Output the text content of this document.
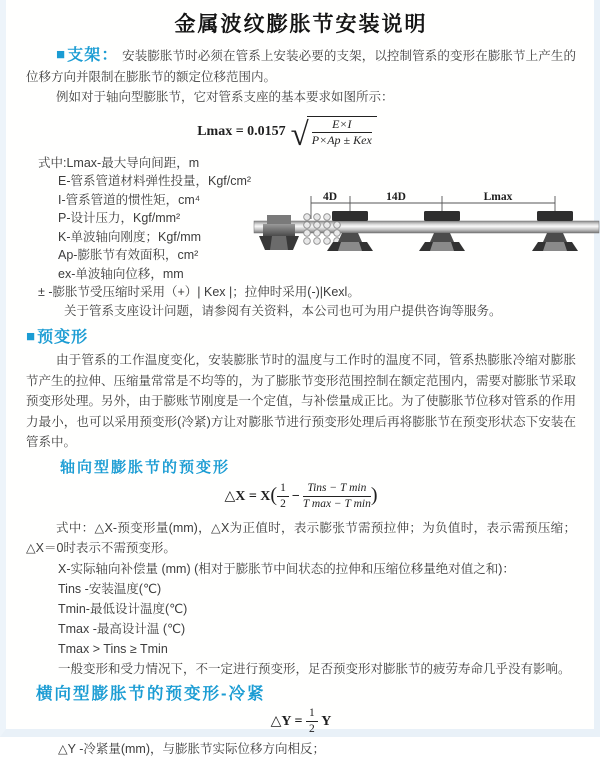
金属波纹膨胀节安装说明
■支架： 安装膨胀节时必须在管系上安装必要的支架，以控制管系的变形在膨胀节上产生的位移方向并限制在膨胀节的额定位移范围内。
例如对于轴向型膨胀节，它对管系支座的基本要求如图所示：
Lmax = 0.0157 √ $\frac{E\times I}{\text{P×Ap ± Kex}}$
式中:Lmax-最大导向间距，m
E-管系管道材料弹性投量，Kgf/cm²
I-管系管道的惯性矩，cm⁴
P-设计压力，Kgf/mm²
K-单波轴向刚度；Kgf/mm
Ap-膨胀节有效面积，cm²
ex-单波轴向位移，mm
± -膨胀节受压缩时采用（+）| Kex |；拉伸时采用(-)|Kexl。
关于管系支座设计问题，请参阅有关资料，本公司也可为用户提供咨询等服务。
4D	14D	Lmax
■预变形
由于管系的工作温度变化，安装膨胀节时的温度与工作时的温度不同，管系热膨胀冷缩对膨胀节产生的拉伸、压缩量常常是不均等的，为了膨胀节变形范围控制在额定范围内，需要对膨胀节采取预变形处理。另外，由于膨账节刚度是一个定值，与补偿量成正比。为了使膨胀节位移对管系的作用力最小，也可以采用预变形(冷紧)方让对膨胀节进行预变形处理后再将膨胀节在预变形状态下安装在管系中。
轴向型膨胀节的预变形
△X = X ( $\frac{1}{2} - \frac{\text{Tins − T min}}{\text{T max − T min}}$ )
式中：△X-预变形量(mm)，△X为正值时，表示膨张节需预拉伸；为负值时，表示需预压缩；△X＝0时表示不需预变形。
X-实际轴向补偿量 (mm) (相对于膨胀节中间状态的拉伸和压缩位移量绝对值之和)：
Tins -安装温度(℃)
Tmin-最低设计温度(℃)
Tmax -最高设计温 (℃)
Tmax > Tins ≥ Tmin
一般变形和受力情况下，不一定进行预变形，足否预变形对膨胀节的疲劳寿命几乎没有影响。
横向型膨胀节的预变形-冷紧
△Y =
$\frac{1}{2}$
Y
△Y -冷紧量(mm)，与膨胀节实际位移方向相反；
